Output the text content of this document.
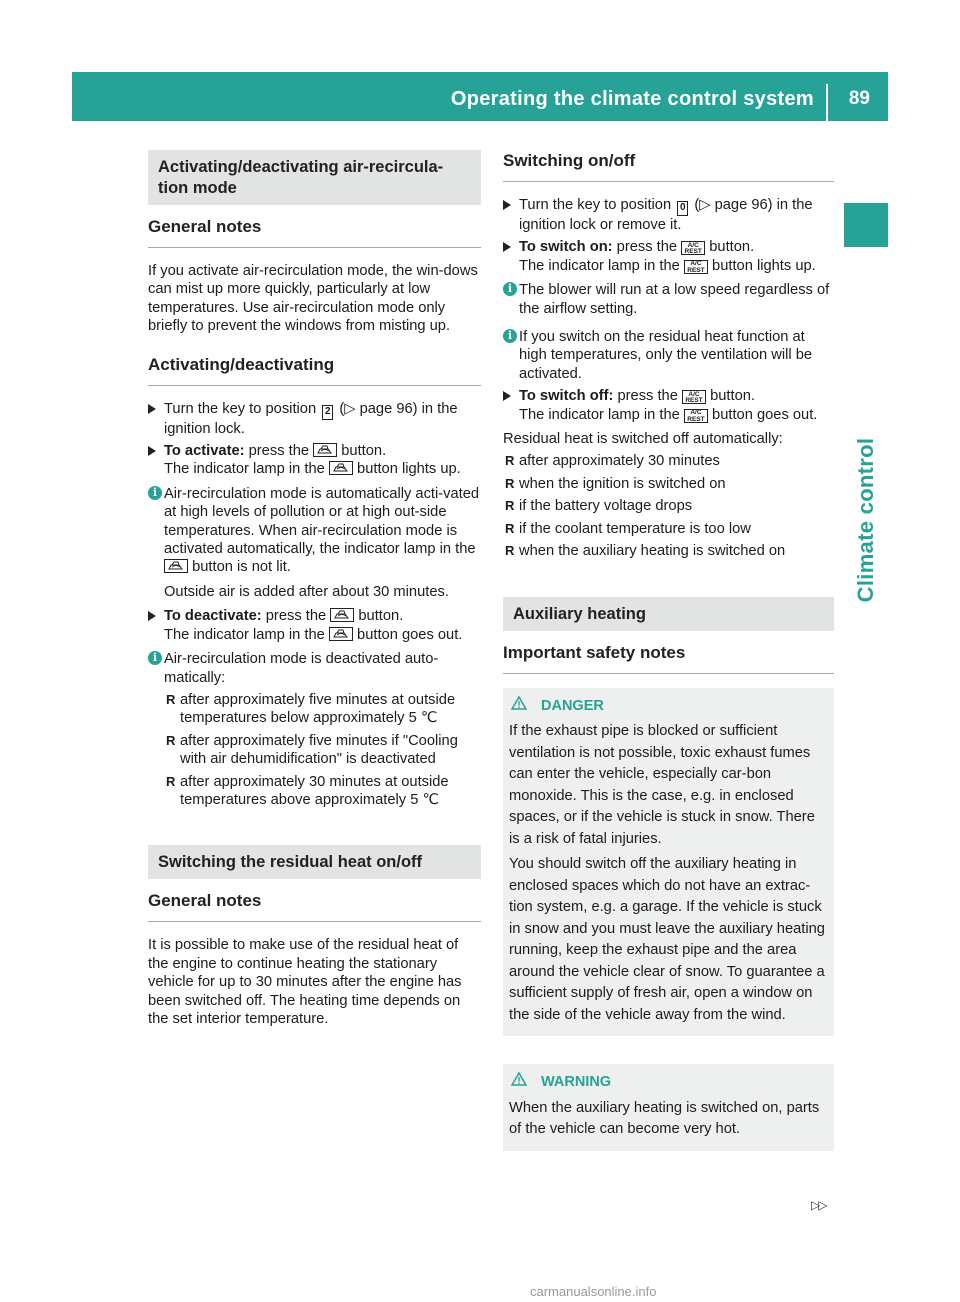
Operating the climate control system 89
Climate control
Activating/deactivating air-recircula-tion mode
General notes
If you activate air-recirculation mode, the win-dows can mist up more quickly, particularly at low temperatures. Use air-recirculation mode only briefly to prevent the windows from misting up.
Activating/deactivating
Turn the key to position 2 (▷ page 96) in the ignition lock.
To activate: press the button.
The indicator lamp in the button lights up.
i Air-recirculation mode is automatically acti-vated at high levels of pollution or at high out-side temperatures. When air-recirculation mode is activated automatically, the indicator lamp in the
button is not lit.
Outside air is added after about 30 minutes.
To deactivate: press the button.
The indicator lamp in the button goes out.
i Air-recirculation mode is deactivated auto-matically:
R after approximately five minutes at outside temperatures below approximately 5 ℃
R after approximately five minutes if "Cooling with air dehumidification" is deactivated
R after approximately 30 minutes at outside temperatures above approximately 5 ℃
Switching the residual heat on/off
General notes
It is possible to make use of the residual heat of the engine to continue heating the stationary vehicle for up to 30 minutes after the engine has been switched off. The heating time depends on the set interior temperature.
Switching on/off
Turn the key to position 0 (▷ page 96) in the ignition lock or remove it.
To switch on: press the	A/C REST button.
The indicator lamp in the	A/C REST button lights up.
i The blower will run at a low speed regardless of the airflow setting.
i If you switch on the residual heat function at high temperatures, only the ventilation will be activated.
To switch off: press the	A/C REST button.
The indicator lamp in the	A/C REST button goes out.
Residual heat is switched off automatically:
R after approximately 30 minutes
R when the ignition is switched on
R if the battery voltage drops
R if the coolant temperature is too low
R when the auxiliary heating is switched on
Auxiliary heating
Important safety notes
DANGER
If the exhaust pipe is blocked or sufficient ventilation is not possible, toxic exhaust fumes can enter the vehicle, especially car-bon monoxide. This is the case, e.g. in enclosed spaces, or if the vehicle is stuck in snow. There is a risk of fatal injuries.
You should switch off the auxiliary heating in enclosed spaces which do not have an extrac-tion system, e.g. a garage. If the vehicle is stuck in snow and you must leave the auxiliary heating running, keep the exhaust pipe and the area around the vehicle clear of snow. To guarantee a sufficient supply of fresh air, open a window on the side of the vehicle away from the wind.
WARNING
When the auxiliary heating is switched on, parts of the vehicle can become very hot.
▷▷
carmanualsonline.info
